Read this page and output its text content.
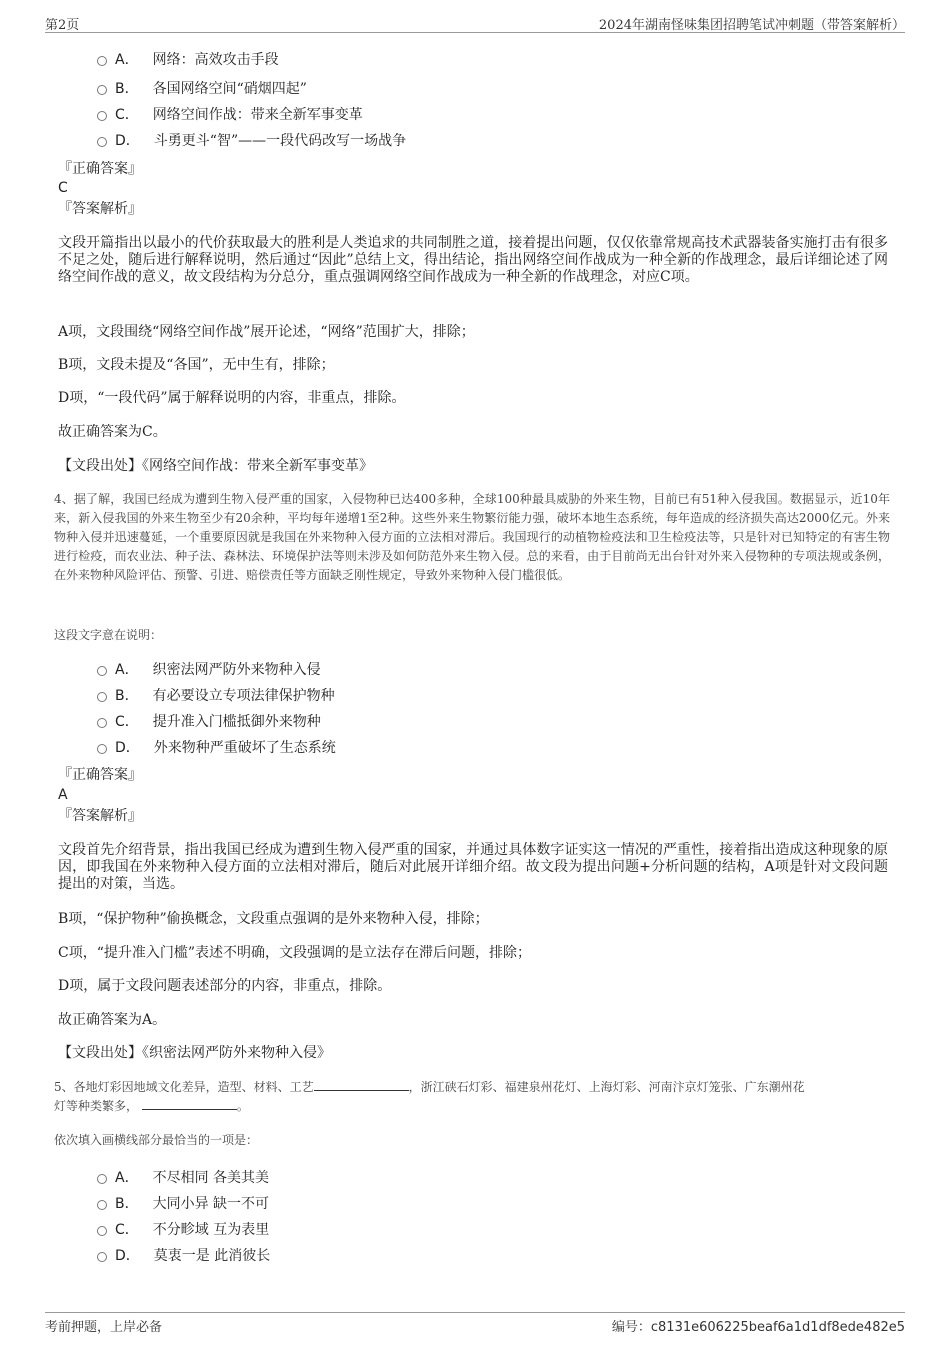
第2页	2024年湖南怪味集团招聘笔试冲刺题（带答案解析）
A． 网络：高效攻击手段
B． 各国网络空间“硝烟四起”
C． 网络空间作战：带来全新军事变革
D． 斗勇更斗“智”——一段代码改写一场战争
『正确答案』
C
『答案解析』
文段开篇指出以最小的代价获取最大的胜利是人类追求的共同制胜之道，接着提出问题，仅仅依靠常规高技术武器装备实施打击有很多不足之处，随后进行解释说明，然后通过“因此”总结上文，得出结论，指出网络空间作战成为一种全新的作战理念，最后详细论述了网络空间作战的意义，故文段结构为分总分，重点强调网络空间作战成为一种全新的作战理念，对应C项。
A项，文段围绕“网络空间作战”展开论述，“网络”范围扩大，排除；
B项，文段未提及“各国”，无中生有，排除；
D项，“一段代码”属于解释说明的内容，非重点，排除。
故正确答案为C。
【文段出处】《网络空间作战：带来全新军事变革》
4、据了解，我国已经成为遭到生物入侵严重的国家，入侵物种已达400多种，全球100种最具威胁的外来生物，目前已有51种入侵我国。数据显示，近10年来，新入侵我国的外来生物至少有20余种，平均每年递增1至2种。这些外来生物繁衍能力强，破坏本地生态系统，每年造成的经济损失高达2000亿元。外来物种入侵并迅速蔓延，一个重要原因就是我国在外来物种入侵方面的立法相对滞后。我国现行的动植物检疫法和卫生检疫法等，只是针对已知特定的有害生物进行检疫，而农业法、种子法、森林法、环境保护法等则未涉及如何防范外来生物入侵。总的来看，由于目前尚无出台针对外来入侵物种的专项法规或条例，在外来物种风险评估、预警、引进、赔偿责任等方面缺乏刚性规定，导致外来物种入侵门槛很低。
这段文字意在说明：
A． 织密法网严防外来物种入侵
B． 有必要设立专项法律保护物种
C． 提升准入门槛抵御外来物种
D． 外来物种严重破坏了生态系统
『正确答案』
A
『答案解析』
文段首先介绍背景，指出我国已经成为遭到生物入侵严重的国家，并通过具体数字证实这一情况的严重性，接着指出造成这种现象的原因，即我国在外来物种入侵方面的立法相对滞后，随后对此展开详细介绍。故文段为提出问题+分析问题的结构，A项是针对文段问题提出的对策，当选。
B项，“保护物种”偷换概念，文段重点强调的是外来物种入侵，排除；
C项，“提升准入门槛”表述不明确，文段强调的是立法存在滞后问题，排除；
D项，属于文段问题表述部分的内容，非重点，排除。
故正确答案为A。
【文段出处】《织密法网严防外来物种入侵》
5、各地灯彩因地域文化差异，造型、材料、工艺	，浙江硖石灯彩、福建泉州花灯、上海灯彩、河南汴京灯笼张、广东潮州花
灯等种类繁多，	。
依次填入画横线部分最恰当的一项是：
A． 不尽相同 各美其美
B． 大同小异 缺一不可
C． 不分畛域 互为表里
D． 莫衷一是 此消彼长
考前押题，上岸必备	编号：c8131e606225beaf6a1d1df8ede482e5
